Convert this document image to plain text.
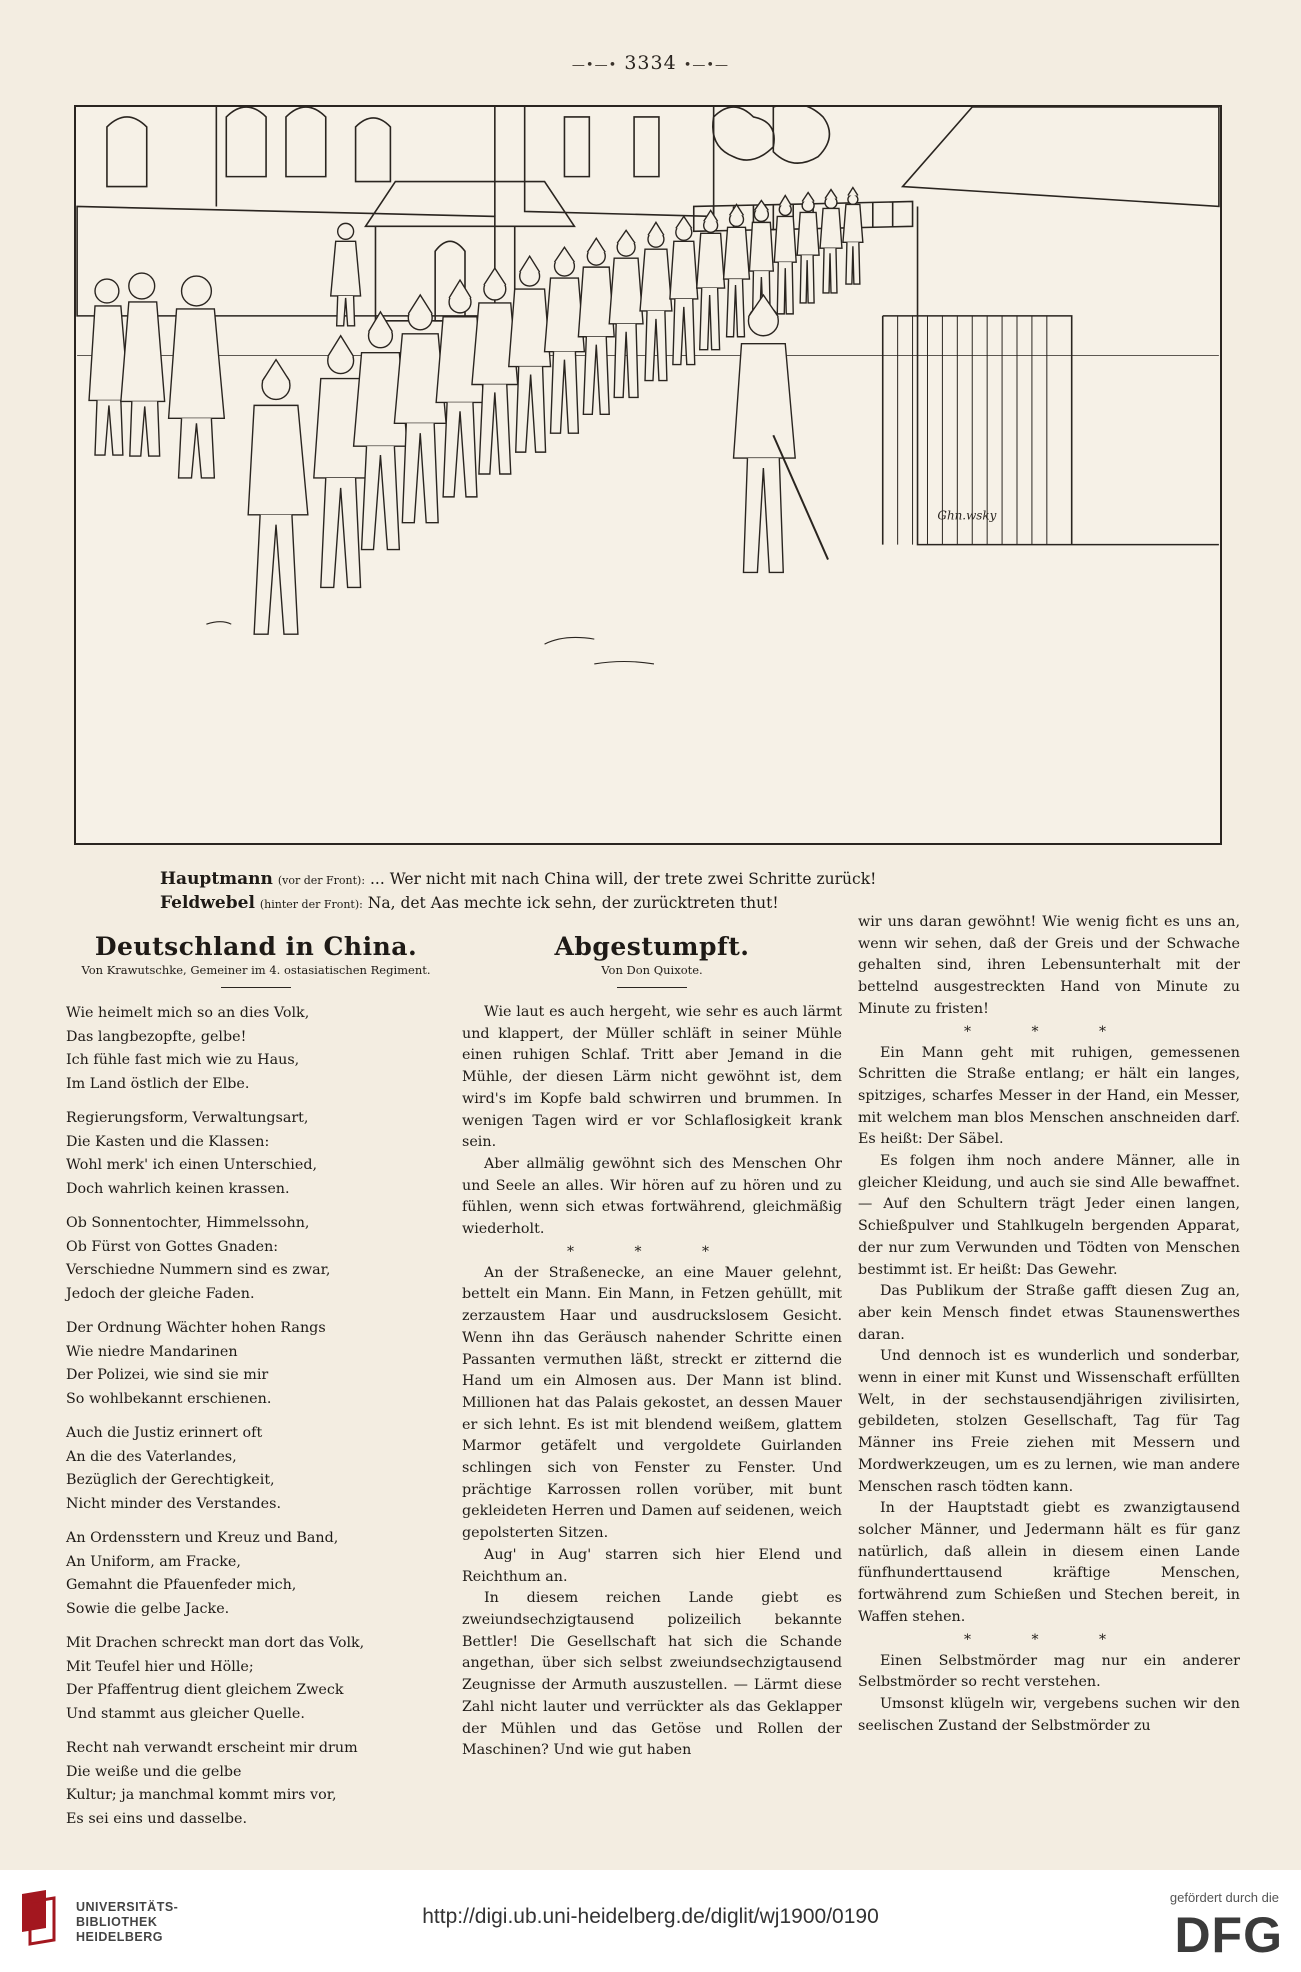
—•—• 3334 •—•—
Ghn.wsky
Hauptmann (vor der Front): ... Wer nicht mit nach China will, der trete zwei Schritte zurück!
Feldwebel (hinter der Front): Na, det Aas mechte ick sehn, der zurücktreten thut!
Deutschland in China.
Von Krawutschke, Gemeiner im 4. ostasiatischen Regiment.
Wie heimelt mich so an dies Volk,
Das langbezopfte, gelbe!
Ich fühle fast mich wie zu Haus,
Im Land östlich der Elbe.
Regierungsform, Verwaltungsart,
Die Kasten und die Klassen:
Wohl merk' ich einen Unterschied,
Doch wahrlich keinen krassen.
Ob Sonnentochter, Himmelssohn,
Ob Fürst von Gottes Gnaden:
Verschiedne Nummern sind es zwar,
Jedoch der gleiche Faden.
Der Ordnung Wächter hohen Rangs
Wie niedre Mandarinen
Der Polizei, wie sind sie mir
So wohlbekannt erschienen.
Auch die Justiz erinnert oft
An die des Vaterlandes,
Bezüglich der Gerechtigkeit,
Nicht minder des Verstandes.
An Ordensstern und Kreuz und Band,
An Uniform, am Fracke,
Gemahnt die Pfauenfeder mich,
Sowie die gelbe Jacke.
Mit Drachen schreckt man dort das Volk,
Mit Teufel hier und Hölle;
Der Pfaffentrug dient gleichem Zweck
Und stammt aus gleicher Quelle.
Recht nah verwandt erscheint mir drum
Die weiße und die gelbe
Kultur; ja manchmal kommt mirs vor,
Es sei eins und dasselbe.
Abgestumpft.
Von Don Quixote.

Wie laut es auch hergeht, wie sehr es auch lärmt und klappert, der Müller schläft in seiner Mühle einen ruhigen Schlaf. Tritt aber Jemand in die Mühle, der diesen Lärm nicht gewöhnt ist, dem wird's im Kopfe bald schwirren und brummen. In wenigen Tagen wird er vor Schlaflosigkeit krank sein.

Aber allmälig gewöhnt sich des Menschen Ohr und Seele an alles. Wir hören auf zu hören und zu fühlen, wenn sich etwas fortwährend, gleichmäßig wiederholt.

* * *

An der Straßenecke, an eine Mauer gelehnt, bettelt ein Mann. Ein Mann, in Fetzen gehüllt, mit zerzaustem Haar und ausdruckslosem Gesicht. Wenn ihn das Geräusch nahender Schritte einen Passanten vermuthen läßt, streckt er zitternd die Hand um ein Almosen aus. Der Mann ist blind. Millionen hat das Palais gekostet, an dessen Mauer er sich lehnt. Es ist mit blendend weißem, glattem Marmor getäfelt und vergoldete Guirlanden schlingen sich von Fenster zu Fenster. Und prächtige Karrossen rollen vorüber, mit bunt gekleideten Herren und Damen auf seidenen, weich gepolsterten Sitzen.

Aug' in Aug' starren sich hier Elend und Reichthum an.

In diesem reichen Lande giebt es zweiundsechzigtausend polizeilich bekannte Bettler! Die Gesellschaft hat sich die Schande angethan, über sich selbst zweiundsechzigtausend Zeugnisse der Armuth auszustellen. — Lärmt diese Zahl nicht lauter und verrückter als das Geklapper der Mühlen und das Getöse und Rollen der Maschinen? Und wie gut haben

wir uns daran gewöhnt! Wie wenig ficht es uns an, wenn wir sehen, daß der Greis und der Schwache gehalten sind, ihren Lebensunterhalt mit der bettelnd ausgestreckten Hand von Minute zu Minute zu fristen!

* * *

Ein Mann geht mit ruhigen, gemessenen Schritten die Straße entlang; er hält ein langes, spitziges, scharfes Messer in der Hand, ein Messer, mit welchem man blos Menschen anschneiden darf. Es heißt: Der Säbel.

Es folgen ihm noch andere Männer, alle in gleicher Kleidung, und auch sie sind Alle bewaffnet. — Auf den Schultern trägt Jeder einen langen, Schießpulver und Stahlkugeln bergenden Apparat, der nur zum Verwunden und Tödten von Menschen bestimmt ist. Er heißt: Das Gewehr.

Das Publikum der Straße gafft diesen Zug an, aber kein Mensch findet etwas Staunenswerthes daran.

Und dennoch ist es wunderlich und sonderbar, wenn in einer mit Kunst und Wissenschaft erfüllten Welt, in der sechstausendjährigen zivilisirten, gebildeten, stolzen Gesellschaft, Tag für Tag Männer ins Freie ziehen mit Messern und Mordwerkzeugen, um es zu lernen, wie man andere Menschen rasch tödten kann.

In der Hauptstadt giebt es zwanzigtausend solcher Männer, und Jedermann hält es für ganz natürlich, daß allein in diesem einen Lande fünfhunderttausend kräftige Menschen, fortwährend zum Schießen und Stechen bereit, in Waffen stehen.

* * *

Einen Selbstmörder mag nur ein anderer Selbstmörder so recht verstehen.

Umsonst klügeln wir, vergebens suchen wir den seelischen Zustand der Selbstmörder zu

UNIVERSITÄTS-
BIBLIOTHEK
HEIDELBERG
http://digi.ub.uni-heidelberg.de/diglit/wj1900/0190
gefördert durch die
DFG
